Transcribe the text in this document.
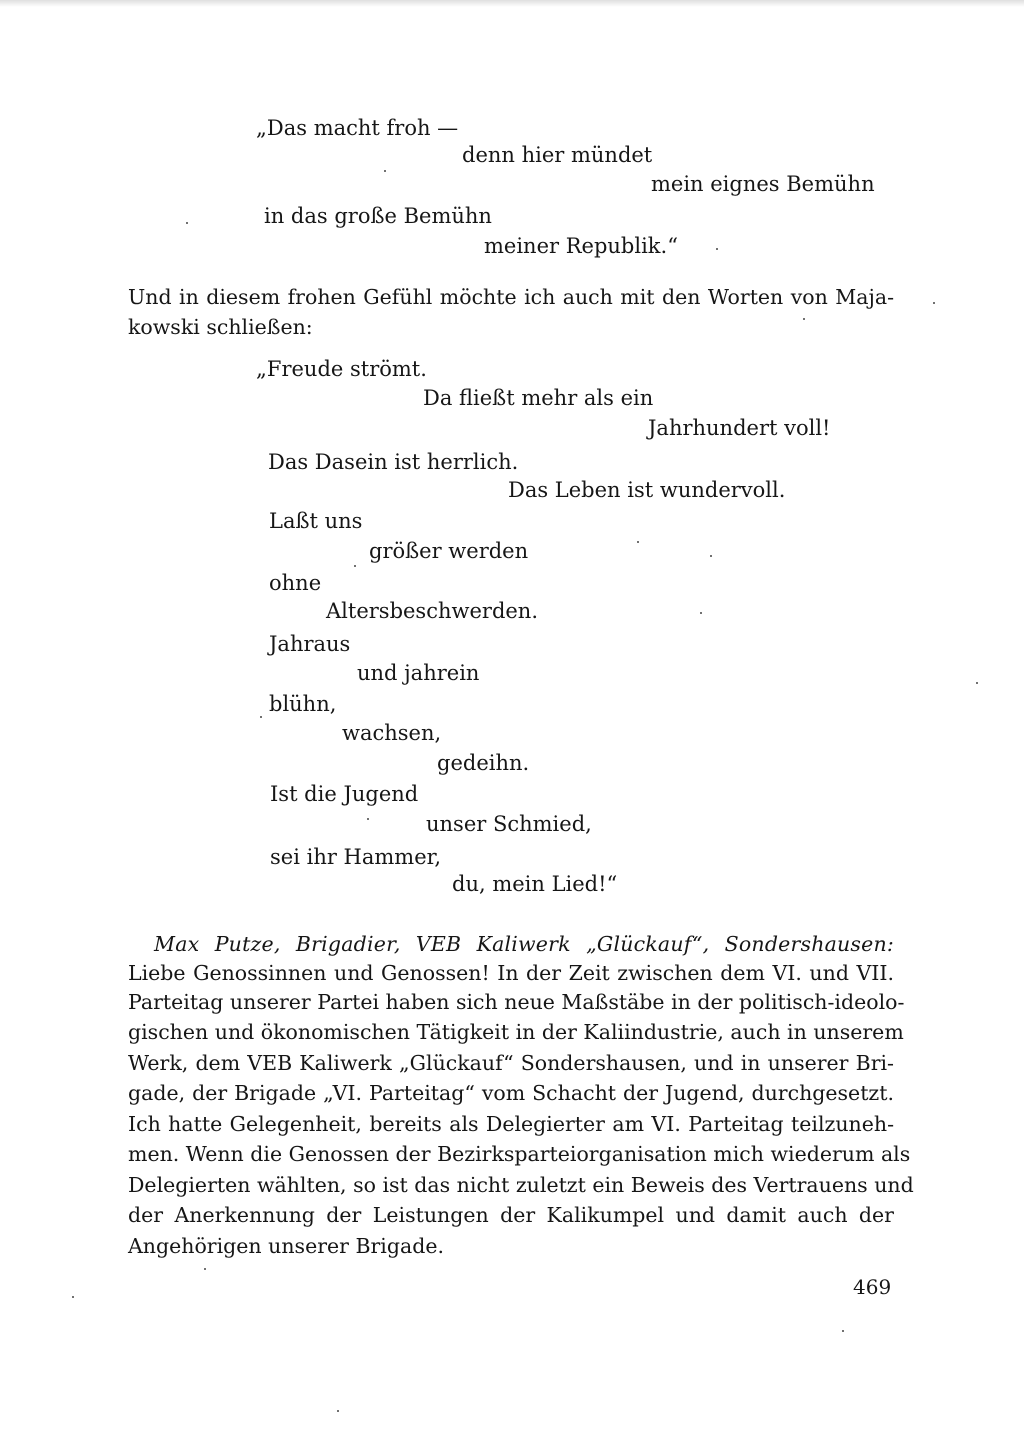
„Das macht froh —
denn hier mündet
mein eignes Bemühn
in das große Bemühn
meiner Republik.“
Und in diesem frohen Gefühl möchte ich auch mit den Worten von Maja-
kowski schließen:
„Freude strömt.
Da fließt mehr als ein
Jahrhundert voll!
Das Dasein ist herrlich.
Das Leben ist wundervoll.
Laßt uns
größer werden
ohne
Altersbeschwerden.
Jahraus
und jahrein
blühn,
wachsen,
gedeihn.
Ist die Jugend
unser Schmied,
sei ihr Hammer,
du, mein Lied!“
Max Putze, Brigadier, VEB Kaliwerk „Glückauf“, Sondershausen:
Liebe Genossinnen und Genossen! In der Zeit zwischen dem VI. und VII.
Parteitag unserer Partei haben sich neue Maßstäbe in der politisch-ideolo-
gischen und ökonomischen Tätigkeit in der Kaliindustrie, auch in unserem
Werk, dem VEB Kaliwerk „Glückauf“ Sondershausen, und in unserer Bri-
gade, der Brigade „VI. Parteitag“ vom Schacht der Jugend, durchgesetzt.
Ich hatte Gelegenheit, bereits als Delegierter am VI. Parteitag teilzuneh-
men. Wenn die Genossen der Bezirksparteiorganisation mich wiederum als
Delegierten wählten, so ist das nicht zuletzt ein Beweis des Vertrauens und
der Anerkennung der Leistungen der Kalikumpel und damit auch der
Angehörigen unserer Brigade.
469
